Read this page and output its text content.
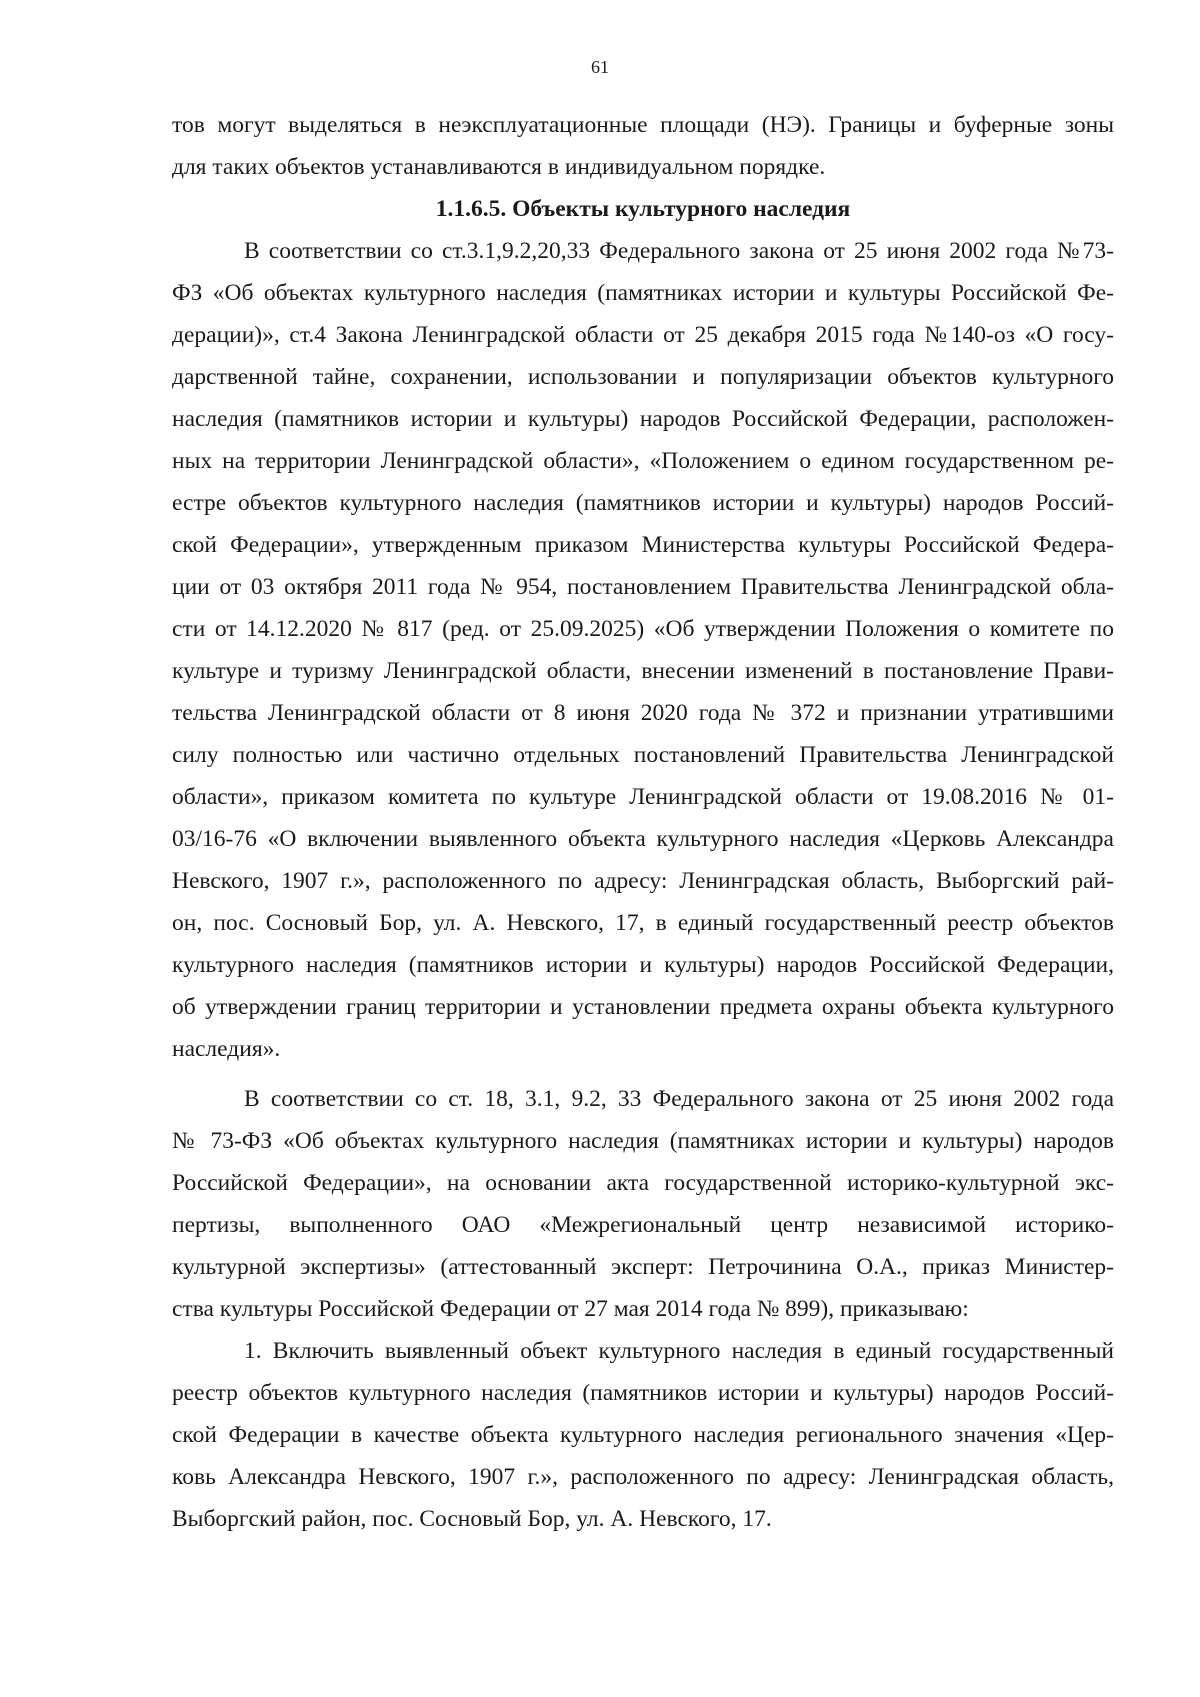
61
тов могут выделяться в неэксплуатационные площади (НЭ). Границы и буферные зоны
для таких объектов устанавливаются в индивидуальном порядке.
1.1.6.5. Объекты культурного наследия
В соответствии со ст.3.1,9.2,20,33 Федерального закона от 25 июня 2002 года №73-
ФЗ «Об объектах культурного наследия (памятниках истории и культуры Российской Фе-
дерации)», ст.4 Закона Ленинградской области от 25 декабря 2015 года №140-оз «О госу-
дарственной тайне, сохранении, использовании и популяризации объектов культурного
наследия (памятников истории и культуры) народов Российской Федерации, расположен-
ных на территории Ленинградской области», «Положением о едином государственном ре-
естре объектов культурного наследия (памятников истории и культуры) народов Россий-
ской Федерации», утвержденным приказом Министерства культуры Российской Федера-
ции от 03 октября 2011 года № 954, постановлением Правительства Ленинградской обла-
сти от 14.12.2020 № 817 (ред. от 25.09.2025) «Об утверждении Положения о комитете по
культуре и туризму Ленинградской области, внесении изменений в постановление Прави-
тельства Ленинградской области от 8 июня 2020 года № 372 и признании утратившими
силу полностью или частично отдельных постановлений Правительства Ленинградской
области», приказом комитета по культуре Ленинградской области от 19.08.2016 № 01-
03/16-76 «О включении выявленного объекта культурного наследия «Церковь Александра
Невского, 1907 г.», расположенного по адресу: Ленинградская область, Выборгский рай-
он, пос. Сосновый Бор, ул. А. Невского, 17, в единый государственный реестр объектов
культурного наследия (памятников истории и культуры) народов Российской Федерации,
об утверждении границ территории и установлении предмета охраны объекта культурного
наследия».
В соответствии со ст. 18, 3.1, 9.2, 33 Федерального закона от 25 июня 2002 года
№ 73-ФЗ «Об объектах культурного наследия (памятниках истории и культуры) народов
Российской Федерации», на основании акта государственной историко-культурной экс-
пертизы, выполненного ОАО «Межрегиональный центр независимой историко-
культурной экспертизы» (аттестованный эксперт: Петрочинина О.А., приказ Министер-
ства культуры Российской Федерации от 27 мая 2014 года № 899), приказываю:
1. Включить выявленный объект культурного наследия в единый государственный
реестр объектов культурного наследия (памятников истории и культуры) народов Россий-
ской Федерации в качестве объекта культурного наследия регионального значения «Цер-
ковь Александра Невского, 1907 г.», расположенного по адресу: Ленинградская область,
Выборгский район, пос. Сосновый Бор, ул. А. Невского, 17.
